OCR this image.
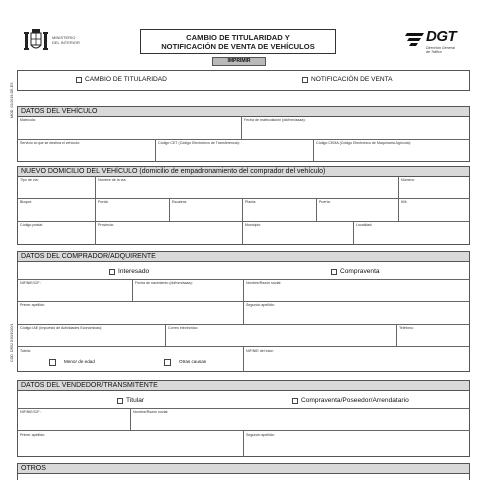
MINISTERIO
DEL INTERIOR
CAMBIO DE TITULARIDAD Y
NOTIFICACIÓN DE VENTA DE VEHÍCULOS
IMPRIMIR
DGT
Dirección General
de Tráfico
MOD. 02/2019-DE-ES
COD. DR02 E60/1020/1
CAMBIO DE TITULARIDAD	NOTIFICACIÓN DE VENTA
DATOS DEL VEHÍCULO
Matrícula:	Fecha de matriculación (dd/mm/aaaa):
Servicio al que se destina el vehículo:	Código CET (Código Electrónico de Transferencia):	Código CEMA (Código Electrónico de Maquinaria Agrícola):
NUEVO DOMICILIO DEL VEHÍCULO (domicilio de empadronamiento del comprador del vehículo)
Tipo de vía:	Nombre de la vía:	Número:
Bloque:	Portal:	Escalera:	Planta:	Puerta:	KM:
Código postal:	Provincia:	Municipio:	Localidad:
DATOS DEL COMPRADOR/ADQUIRENTE
Interesado	Compraventa
NIF/NIE/CIF:	Fecha de nacimiento (dd/mm/aaaa):	Nombre/Razón social:
Primer apellido:	Segundo apellido:
Código IAE (Impuesto de Actividades Económicas):	Correo electrónico:	Teléfono:
Tutela:
Menor de edad	Otras causas
NIF/NIE del tutor:
DATOS DEL VENDEDOR/TRANSMITENTE
Titular	Compraventa/Poseedor/Arrendatario
NIF/NIE/CIF:	Nombre/Razón social:
Primer apellido:	Segundo apellido:
OTROS
